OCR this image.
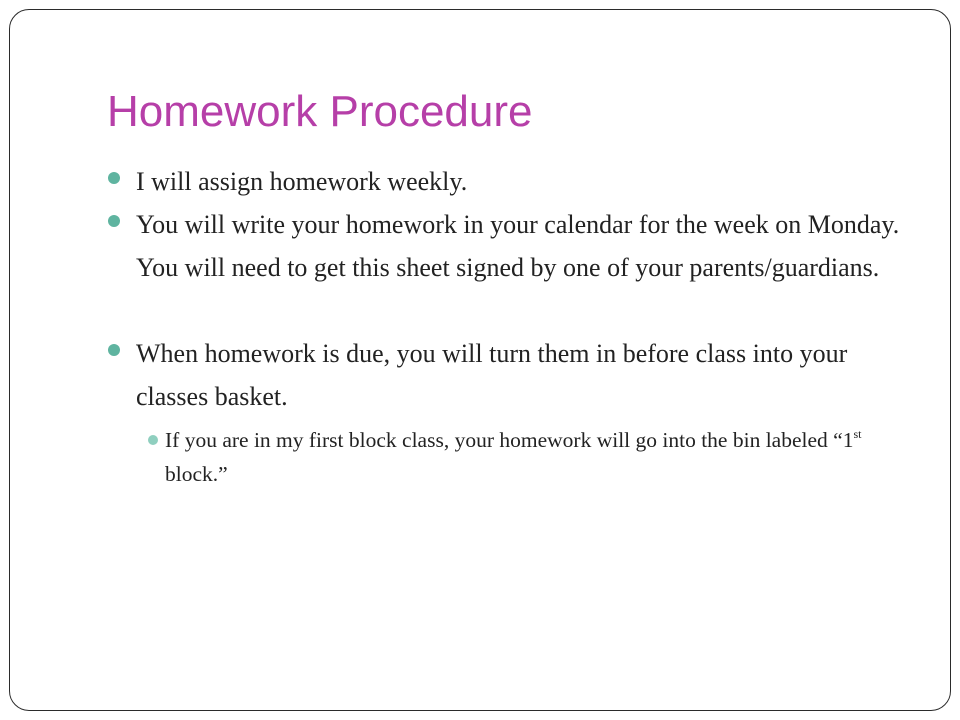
Homework Procedure
I will assign homework weekly.
You will write your homework in your calendar for the week on Monday. You will need to get this sheet signed by one of your parents/guardians.
When homework is due, you will turn them in before class into your classes basket.
If you are in my first block class, your homework will go into the bin labeled “1st block.”
